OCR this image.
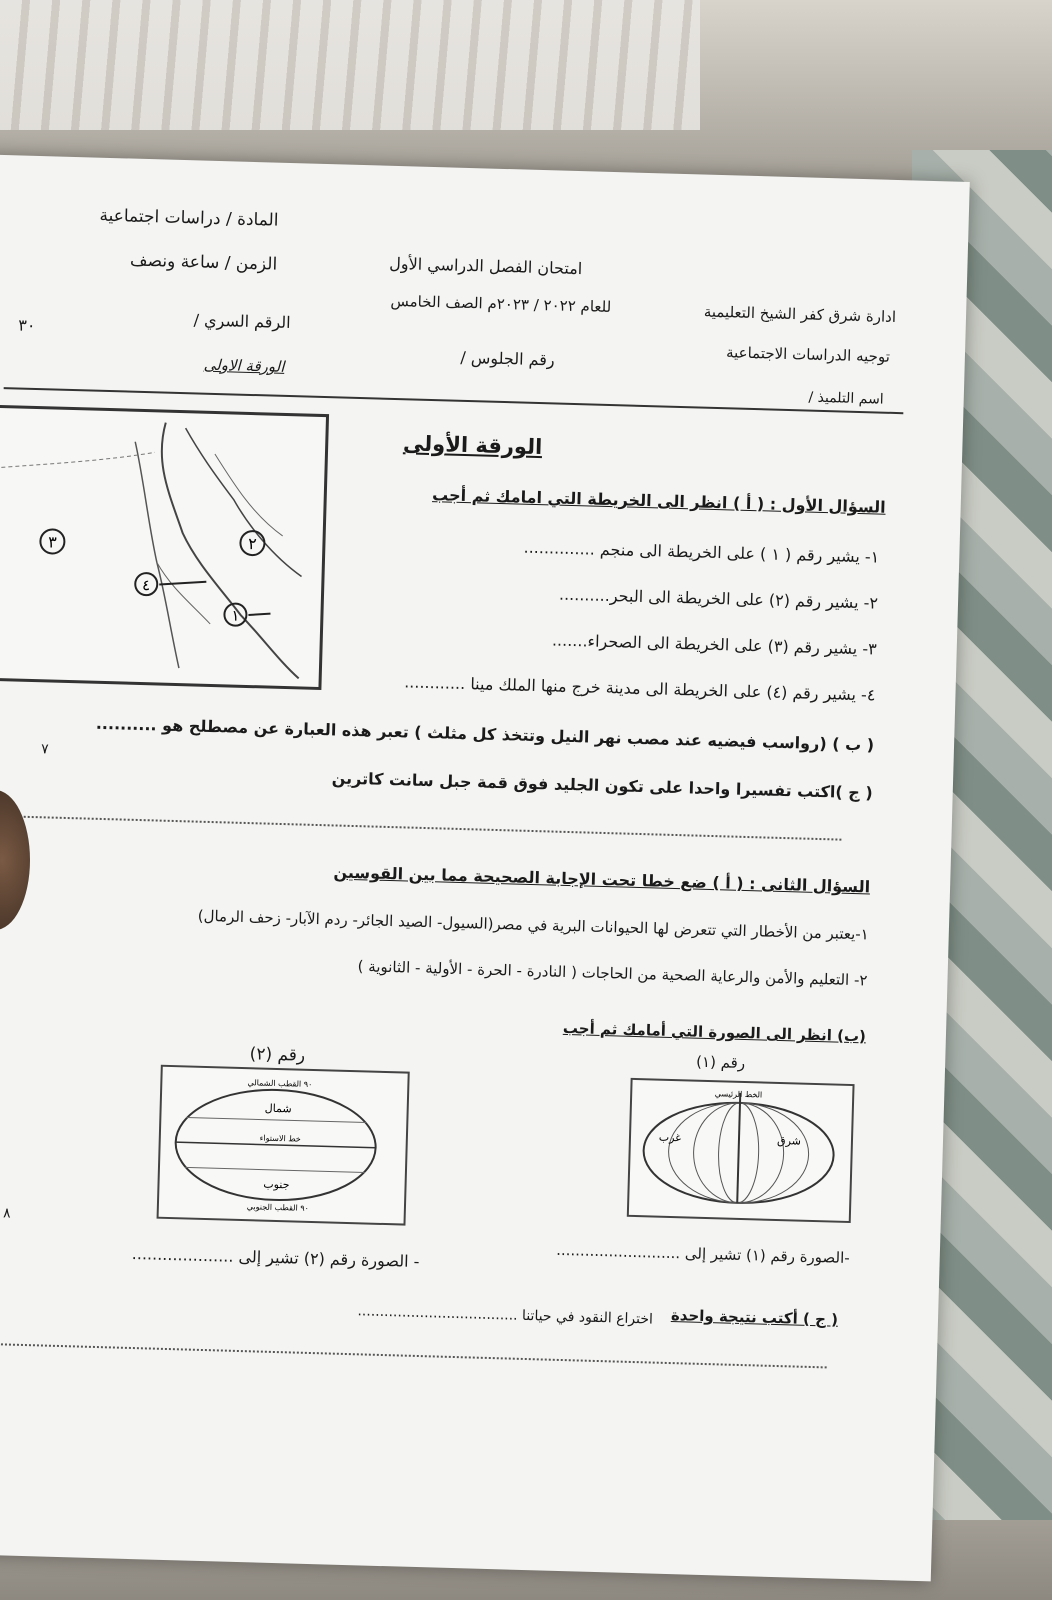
ادارة شرق كفر الشيخ التعليمية
توجيه الدراسات الاجتماعية
اسم التلميذ /
امتحان الفصل الدراسي الأول
للعام ٢٠٢٢ / ٢٠٢٣م الصف الخامس
رقم الجلوس /
المادة / دراسات اجتماعية
الزمن / ساعة ونصف
الرقم السري /
٣٠
الورقة الاولى
٣
٤
٢
١
الورقة الأولى
السؤال الأول : ( أ ) انظر الى الخريطة التي امامك ثم أجب
١- يشير رقم ( ١ ) على الخريطة الى منجم ..............
٢- يشير رقم (٢) على الخريطة الى البحر..........
٣- يشير رقم (٣) على الخريطة الى الصحراء.......
٤- يشير رقم (٤) على الخريطة الى مدينة خرج منها الملك مينا ............
( ب ) (رواسب فيضيه عند مصب نهر النيل وتتخذ كل مثلث ) تعبر هذه العبارة عن مصطلح هو ..........
٧
( ج )اكتب تفسيرا واحدا على تكون الجليد فوق قمة جبل سانت كاترين
السؤال الثانى : ( أ ) ضع خطا تحت الإجابة الصحيحة مما بين القوسين
١-يعتبر من الأخطار التي تتعرض لها الحيوانات البرية في مصر(السيول- الصيد الجائر- ردم الآبار- زحف الرمال)
٢- التعليم والأمن والرعاية الصحية من الحاجات ( النادرة - الحرة - الأولية - الثانوية )
(ب) انظر الى الصورة التي أمامك ثم أجب
رقم (١)
رقم (٢)
غرب	شرق
الخط الرئيسي
٩٠ القطب الشمالي
شمال
خط الاستواء
جنوب
٩٠ القطب الجنوبي
٨
-الصورة رقم (١) تشير إلى ..........................
- الصورة رقم (٢) تشير إلى ....................
( ج ) أكتب نتيجة واحدة
اختراع النقود في حياتنا ....................................
